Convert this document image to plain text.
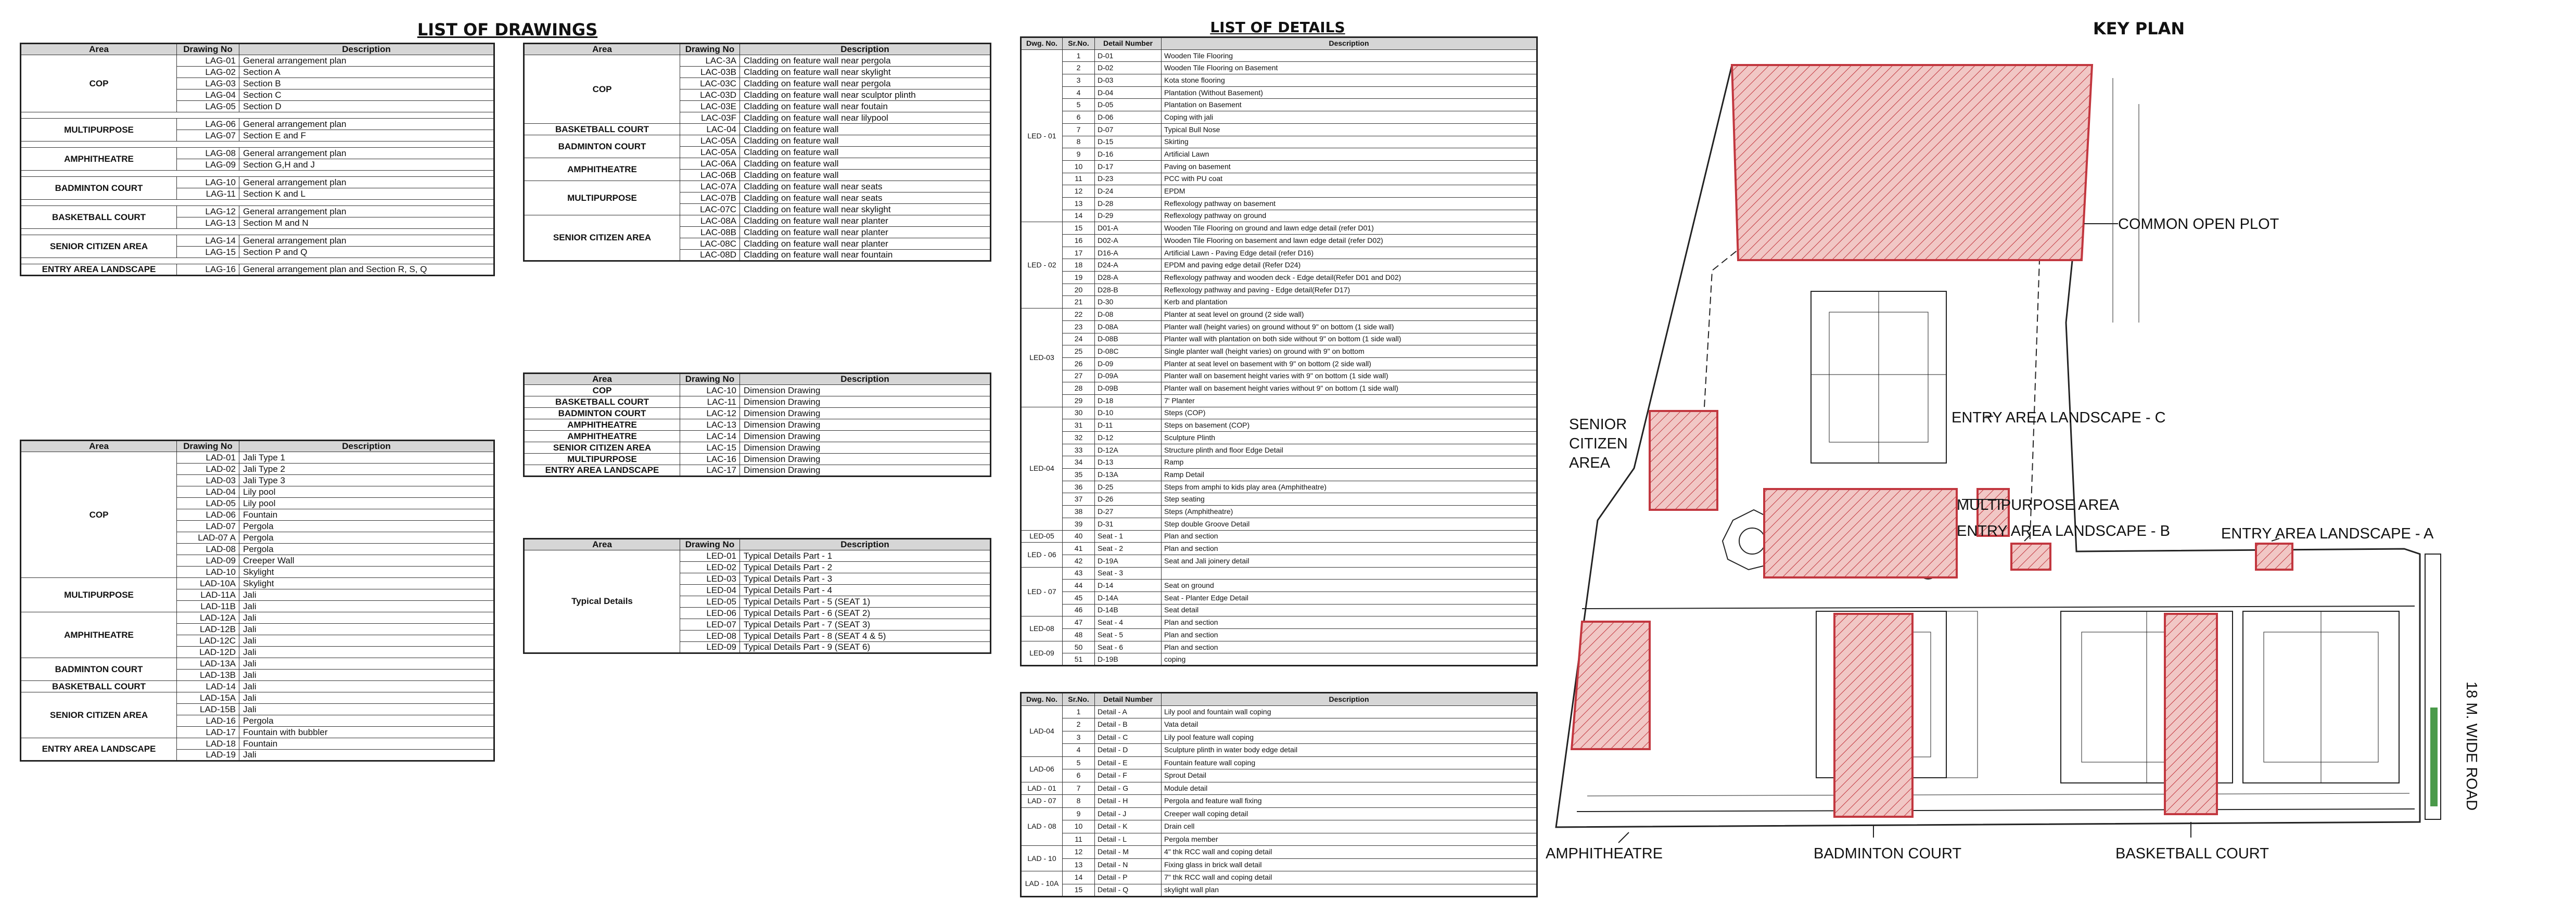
LIST OF DRAWINGS	LIST OF DETAILS	KEY PLAN
Area	Drawing No	Description
COP	LAG-01	General arrangement plan
	LAG-02	Section A
	LAG-03	Section B
	LAG-04	Section C
	LAG-05	Section D

MULTIPURPOSE	LAG-06	General arrangement plan
	LAG-07	Section E and F

AMPHITHEATRE	LAG-08	General arrangement plan
	LAG-09	Section G,H and J

BADMINTON COURT	LAG-10	General arrangement plan
	LAG-11	Section K and L

BASKETBALL COURT	LAG-12	General arrangement plan
	LAG-13	Section M and N

SENIOR CITIZEN AREA	LAG-14	General arrangement plan
	LAG-15	Section P and Q

ENTRY AREA LANDSCAPE	LAG-16	General arrangement plan and Section R, S, Q
Area	Drawing No	Description
COP	LAD-01	Jali Type 1
	LAD-02	Jali Type 2
	LAD-03	Jali Type 3
	LAD-04	Lily pool
	LAD-05	Lily pool
	LAD-06	Fountain
	LAD-07	Pergola
	LAD-07 A	Pergola
	LAD-08	Pergola
	LAD-09	Creeper Wall
	LAD-10	Skylight
MULTIPURPOSE	LAD-10A	Skylight
	LAD-11A	Jali
	LAD-11B	Jali
AMPHITHEATRE	LAD-12A	Jali
	LAD-12B	Jali
	LAD-12C	Jali
	LAD-12D	Jali
BADMINTON COURT	LAD-13A	Jali
	LAD-13B	Jali
BASKETBALL COURT	LAD-14	Jali
SENIOR CITIZEN AREA	LAD-15A	Jali
	LAD-15B	Jali
	LAD-16	Pergola
	LAD-17	Fountain with bubbler
ENTRY AREA LANDSCAPE	LAD-18	Fountain
	LAD-19	Jali
Area	Drawing No	Description
COP	LAC-3A	Cladding on feature wall near pergola
	LAC-03B	Cladding on feature wall near skylight
	LAC-03C	Cladding on feature wall near pergola
	LAC-03D	Cladding on feature wall near sculptor plinth
	LAC-03E	Cladding on feature wall near foutain
	LAC-03F	Cladding on feature wall near lilypool
BASKETBALL COURT	LAC-04	Cladding on feature wall
BADMINTON COURT	LAC-05A	Cladding on feature wall
	LAC-05A	Cladding on feature wall
AMPHITHEATRE	LAC-06A	Cladding on feature wall
	LAC-06B	Cladding on feature wall
MULTIPURPOSE	LAC-07A	Cladding on feature wall near seats
	LAC-07B	Cladding on feature wall near seats
	LAC-07C	Cladding on feature wall near skylight
SENIOR CITIZEN AREA	LAC-08A	Cladding on feature wall near planter
	LAC-08B	Cladding on feature wall near planter
	LAC-08C	Cladding on feature wall near planter
	LAC-08D	Cladding on feature wall near fountain
Area	Drawing No	Description
COP	LAC-10	Dimension Drawing
BASKETBALL COURT	LAC-11	Dimension Drawing
BADMINTON COURT	LAC-12	Dimension Drawing
AMPHITHEATRE	LAC-13	Dimension Drawing
AMPHITHEATRE	LAC-14	Dimension Drawing
SENIOR CITIZEN AREA	LAC-15	Dimension Drawing
MULTIPURPOSE	LAC-16	Dimension Drawing
ENTRY AREA LANDSCAPE	LAC-17	Dimension Drawing
Area	Drawing No	Description
Typical Details	LED-01	Typical Details Part - 1
	LED-02	Typical Details Part - 2
	LED-03	Typical Details Part - 3
	LED-04	Typical Details Part - 4
	LED-05	Typical Details Part - 5 (SEAT 1)
	LED-06	Typical Details Part - 6 (SEAT 2)
	LED-07	Typical Details Part - 7 (SEAT 3)
	LED-08	Typical Details Part - 8 (SEAT 4 & 5)
	LED-09	Typical Details Part - 9 (SEAT 6)
Dwg. No.	Sr.No.	Detail Number	Description
LED - 01	1	D-01	Wooden Tile Flooring
	2	D-02	Wooden Tile Flooring on Basement
	3	D-03	Kota stone flooring
	4	D-04	Plantation (Without Basement)
	5	D-05	Plantation on Basement
	6	D-06	Coping with jali
	7	D-07	Typical Bull Nose
	8	D-15	Skirting
	9	D-16	Artificial Lawn
	10	D-17	Paving on basement
	11	D-23	PCC with PU coat
	12	D-24	EPDM
	13	D-28	Reflexology pathway on basement
	14	D-29	Reflexology pathway on ground
LED - 02	15	D01-A	Wooden Tile Flooring on ground and lawn edge detail (refer D01)
	16	D02-A	Wooden Tile Flooring on basement and lawn edge detail (refer D02)
	17	D16-A	Artificial Lawn - Paving Edge detail (refer D16)
	18	D24-A	EPDM and paving edge detail (Refer D24)
	19	D28-A	Reflexology pathway and wooden deck - Edge detail(Refer D01 and D02)
	20	D28-B	Reflexology pathway and paving - Edge detail(Refer D17)
	21	D-30	Kerb and plantation
LED-03	22	D-08	Planter at seat level on ground (2 side wall)
	23	D-08A	Planter wall (height varies) on ground without 9" on bottom (1 side wall)
	24	D-08B	Planter wall with plantation on both side without 9" on bottom (1 side wall)
	25	D-08C	Single planter wall (height varies) on ground with 9" on bottom
	26	D-09	Planter at seat level on basement with 9" on bottom (2 side wall)
	27	D-09A	Planter wall on basement height varies with 9" on bottom (1 side wall)
	28	D-09B	Planter wall on basement height varies without 9" on bottom (1 side wall)
	29	D-18	7' Planter
LED-04	30	D-10	Steps (COP)
	31	D-11	Steps on basement (COP)
	32	D-12	Sculpture Plinth
	33	D-12A	Structure plinth and floor Edge Detail
	34	D-13	Ramp
	35	D-13A	Ramp Detail
	36	D-25	Steps from amphi to kids play area (Amphitheatre)
	37	D-26	Step seating
	38	D-27	Steps (Amphitheatre)
	39	D-31	Step double Groove Detail
LED-05	40	Seat - 1	Plan and section
LED - 06	41	Seat - 2	Plan and section
	42	D-19A	Seat and Jali joinery detail
LED - 07	43	Seat - 3	
	44	D-14	Seat on ground
	45	D-14A	Seat - Planter Edge Detail
	46	D-14B	Seat detail
LED-08	47	Seat - 4	Plan and section
	48	Seat - 5	Plan and section
LED-09	50	Seat - 6	Plan and section
	51	D-19B	coping
Dwg. No.	Sr.No.	Detail Number	Description
LAD-04	1	Detail - A	Lily pool and fountain wall coping
	2	Detail - B	Vata detail
	3	Detail - C	Lily pool feature wall coping
	4	Detail - D	Sculpture plinth in water body edge detail
LAD-06	5	Detail - E	Fountain feature wall coping
	6	Detail - F	Sprout Detail
LAD - 01	7	Detail - G	Module detail
LAD - 07	8	Detail - H	Pergola and feature wall fixing
LAD - 08	9	Detail - J	Creeper wall coping detail
	10	Detail - K	Drain cell
	11	Detail - L	Pergola member
LAD - 10	12	Detail - M	4" thk RCC wall and coping detail
	13	Detail - N	Fixing glass in brick wall detail
LAD - 10A	14	Detail - P	7" thk RCC wall and coping detail
	15	Detail - Q	skylight wall plan
COMMON OPEN PLOT
SENIOR
CITIZEN
AREA
ENTRY AREA LANDSCAPE - C
MULTIPURPOSE AREA
ENTRY AREA LANDSCAPE - B	ENTRY AREA LANDSCAPE - A
AMPHITHEATRE	BADMINTON COURT	BASKETBALL COURT
18 M. WIDE ROAD
